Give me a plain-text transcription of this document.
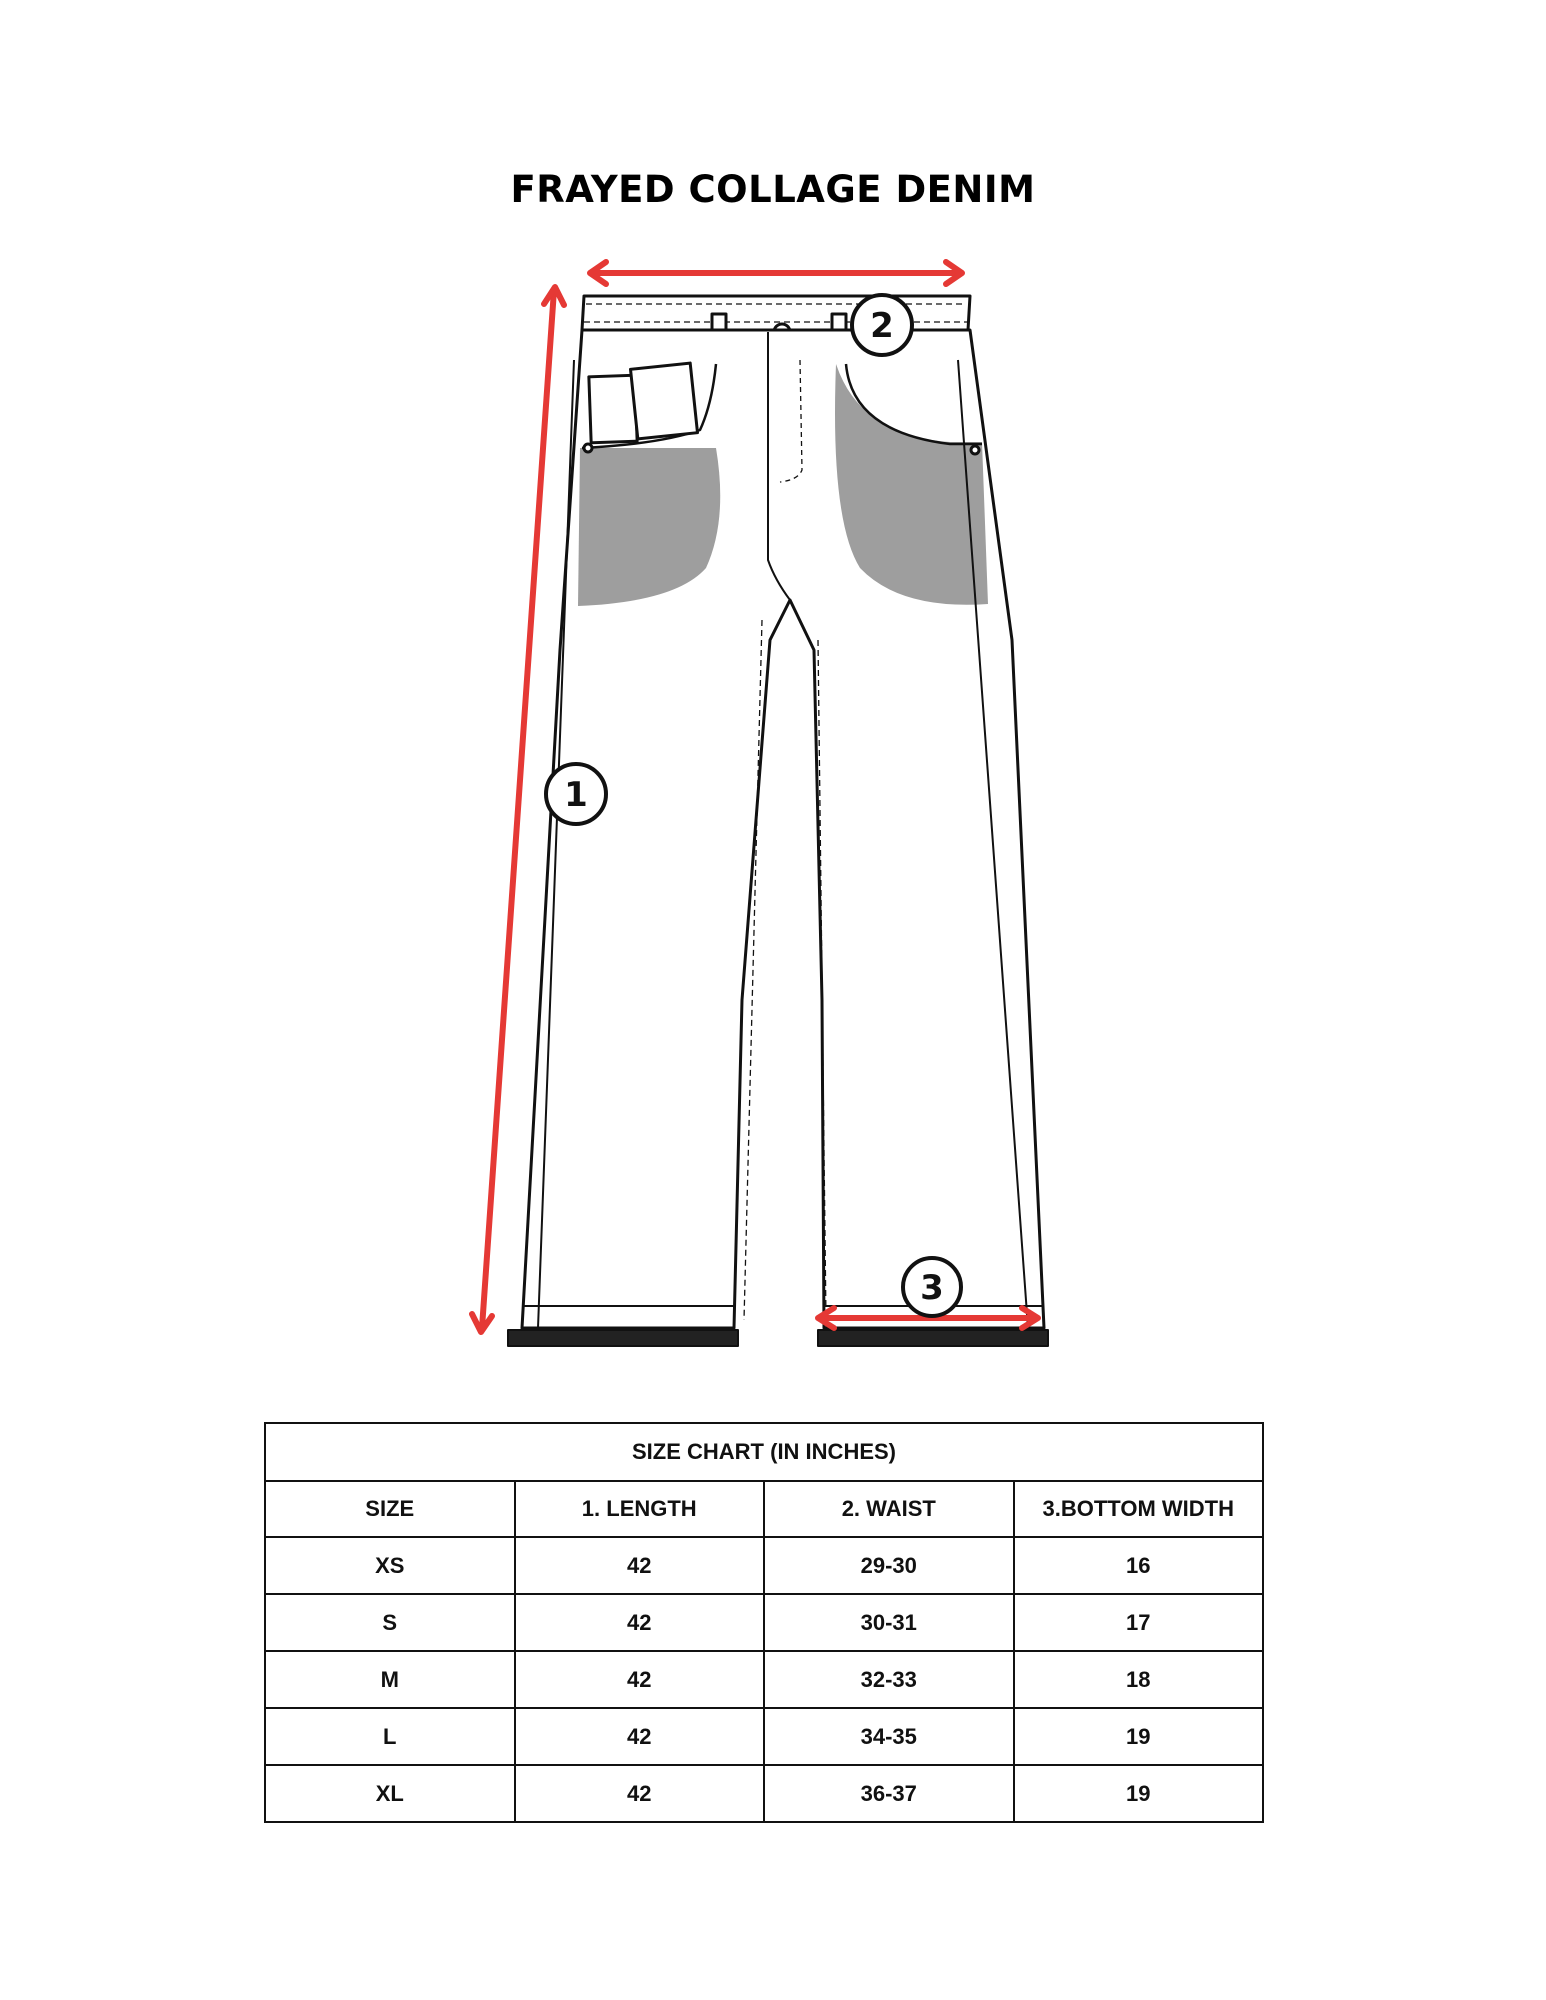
FRAYED COLLAGE DENIM
1
2
3
SIZE CHART (IN INCHES)			
SIZE	1. LENGTH	2. WAIST	3.BOTTOM WIDTH
XS	42	29-30	16
S	42	30-31	17
M	42	32-33	18
L	42	34-35	19
XL	42	36-37	19
